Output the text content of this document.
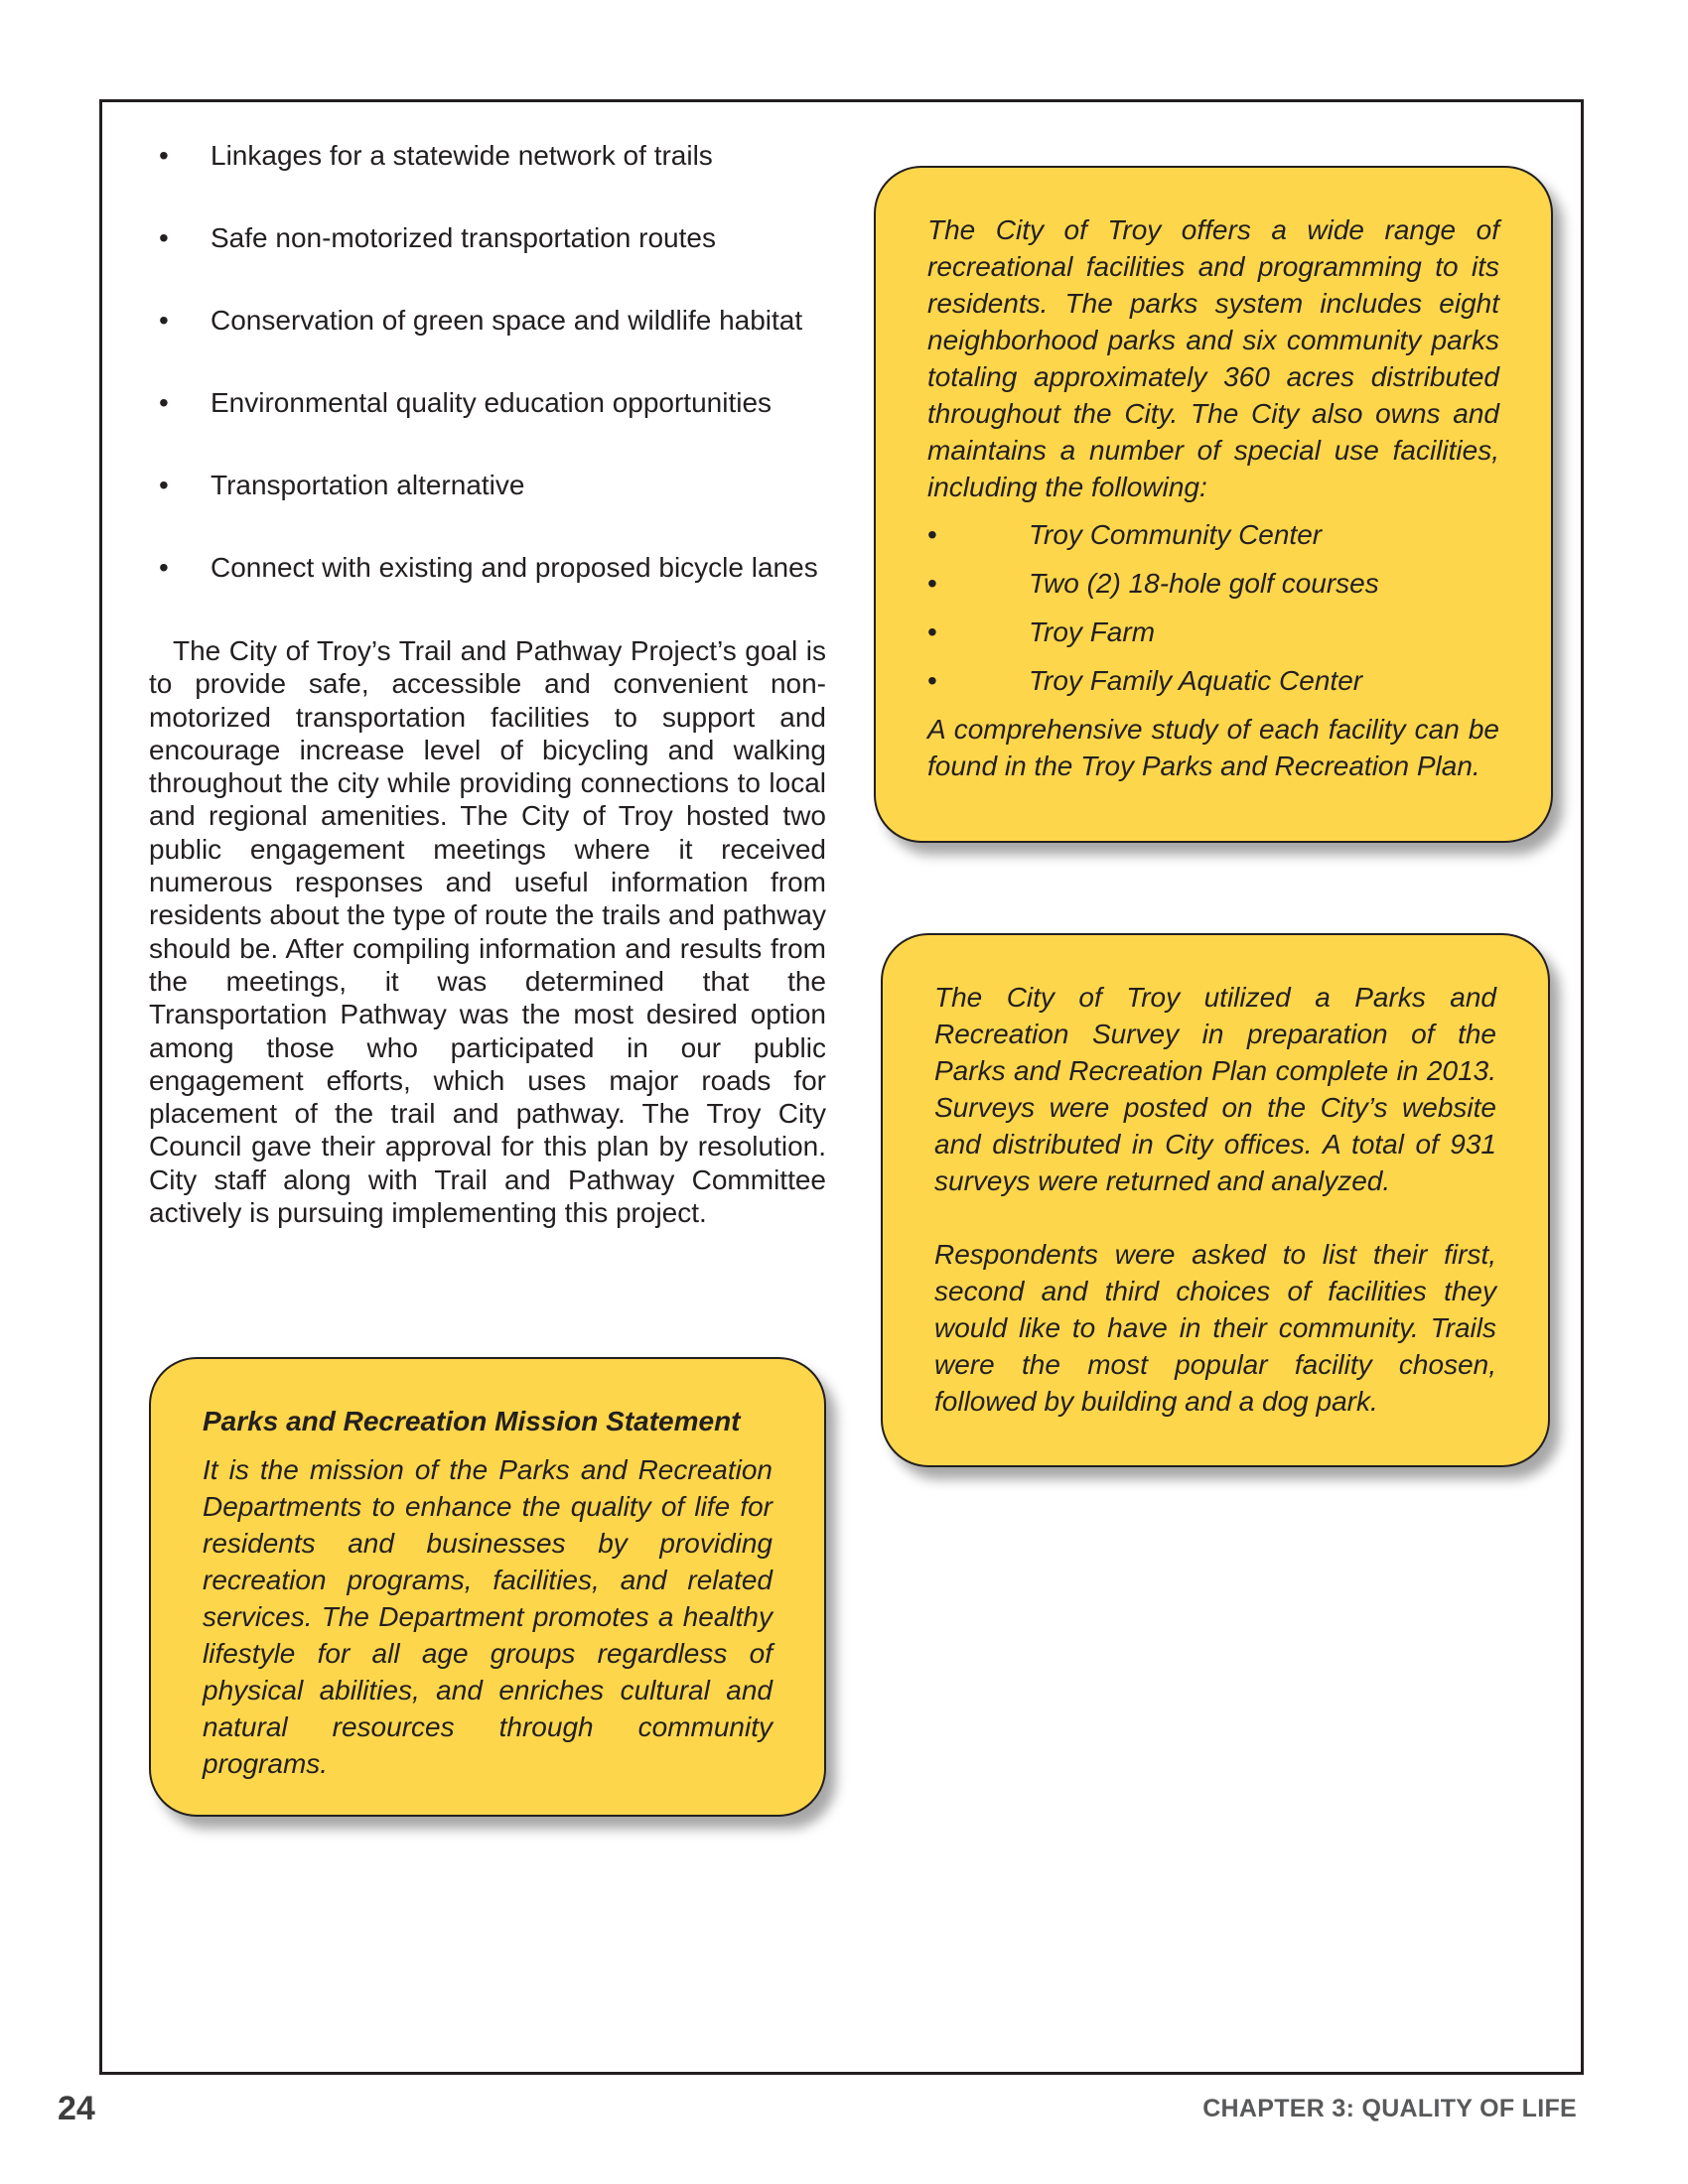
• Linkages for a statewide network of trails
• Safe non-motorized transportation routes
• Conservation of green space and wildlife habitat
• Environmental quality education opportunities
• Transportation alternative
• Connect with existing and proposed bicycle lanes

The City of Troy’s Trail and Pathway Project’s goal is to provide safe, accessible and convenient non-motorized transportation facilities to support and encourage increase level of bicycling and walking throughout the city while providing connections to local and regional amenities. The City of Troy hosted two public engagement meetings where it received numerous responses and useful information from residents about the type of route the trails and pathway should be. After compiling information and results from the meetings, it was determined that the Transportation Pathway was the most desired option among those who participated in our public engagement efforts, which uses major roads for placement of the trail and pathway. The Troy City Council gave their approval for this plan by resolution. City staff along with Trail and Pathway Committee actively is pursuing implementing this project.

Parks and Recreation Mission Statement

It is the mission of the Parks and Recreation Departments to enhance the quality of life for residents and businesses by providing recreation programs, facilities, and related services. The Department promotes a healthy lifestyle for all age groups regardless of physical abilities, and enriches cultural and natural resources through community programs.

The City of Troy offers a wide range of recreational facilities and programming to its residents. The parks system includes eight neighborhood parks and six community parks totaling approximately 360 acres distributed throughout the City. The City also owns and maintains a number of special use facilities, including the following:

•	Troy Community Center
•	Two (2) 18-hole golf courses
•	Troy Farm
•	Troy Family Aquatic Center

A comprehensive study of each facility can be found in the Troy Parks and Recreation Plan.

The City of Troy utilized a Parks and Recreation Survey in preparation of the Parks and Recreation Plan complete in 2013. Surveys were posted on the City’s website and distributed in City offices. A total of 931 surveys were returned and analyzed.

Respondents were asked to list their first, second and third choices of facilities they would like to have in their community. Trails were the most popular facility chosen, followed by building and a dog park.

24	CHAPTER 3: QUALITY OF LIFE
